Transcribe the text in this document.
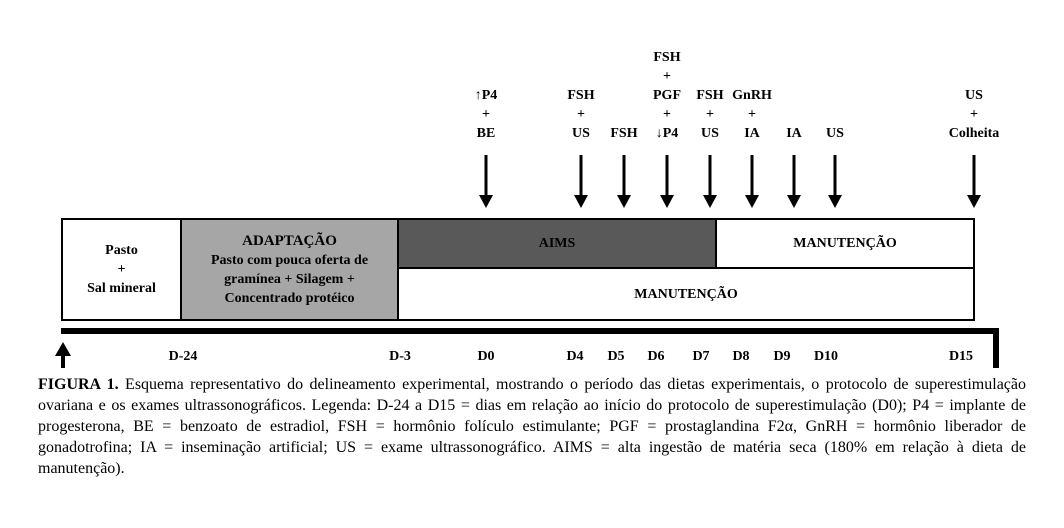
↑P4
+
BE
FSH
+
US	FSH
FSH
+
PGF
+
↓P4
FSH
+
US
GnRH
+
IA	IA US
US
+
Colheita
Pasto
+
Sal mineral
ADAPTAÇÃO
Pasto com pouca oferta de
gramínea + Silagem +
Concentrado protéico
AIMS	MANUTENÇÃO
MANUTENÇÃO
D-24	D-3	D0	D4 D5 D6 D7 D8 D9 D10	D15
FIGURA 1. Esquema representativo do delineamento experimental, mostrando o período das dietas experimentais, o protocolo de superestimulação ovariana e os exames ultrassonográficos. Legenda: D-24 a D15 = dias em relação ao início do protocolo de superestimulação (D0); P4 = implante de progesterona, BE = benzoato de estradiol, FSH = hormônio folículo estimulante; PGF = prostaglandina F2α, GnRH = hormônio liberador de gonadotrofina; IA = inseminação artificial; US = exame ultrassonográfico. AIMS = alta ingestão de matéria seca (180% em relação à dieta de manutenção).
